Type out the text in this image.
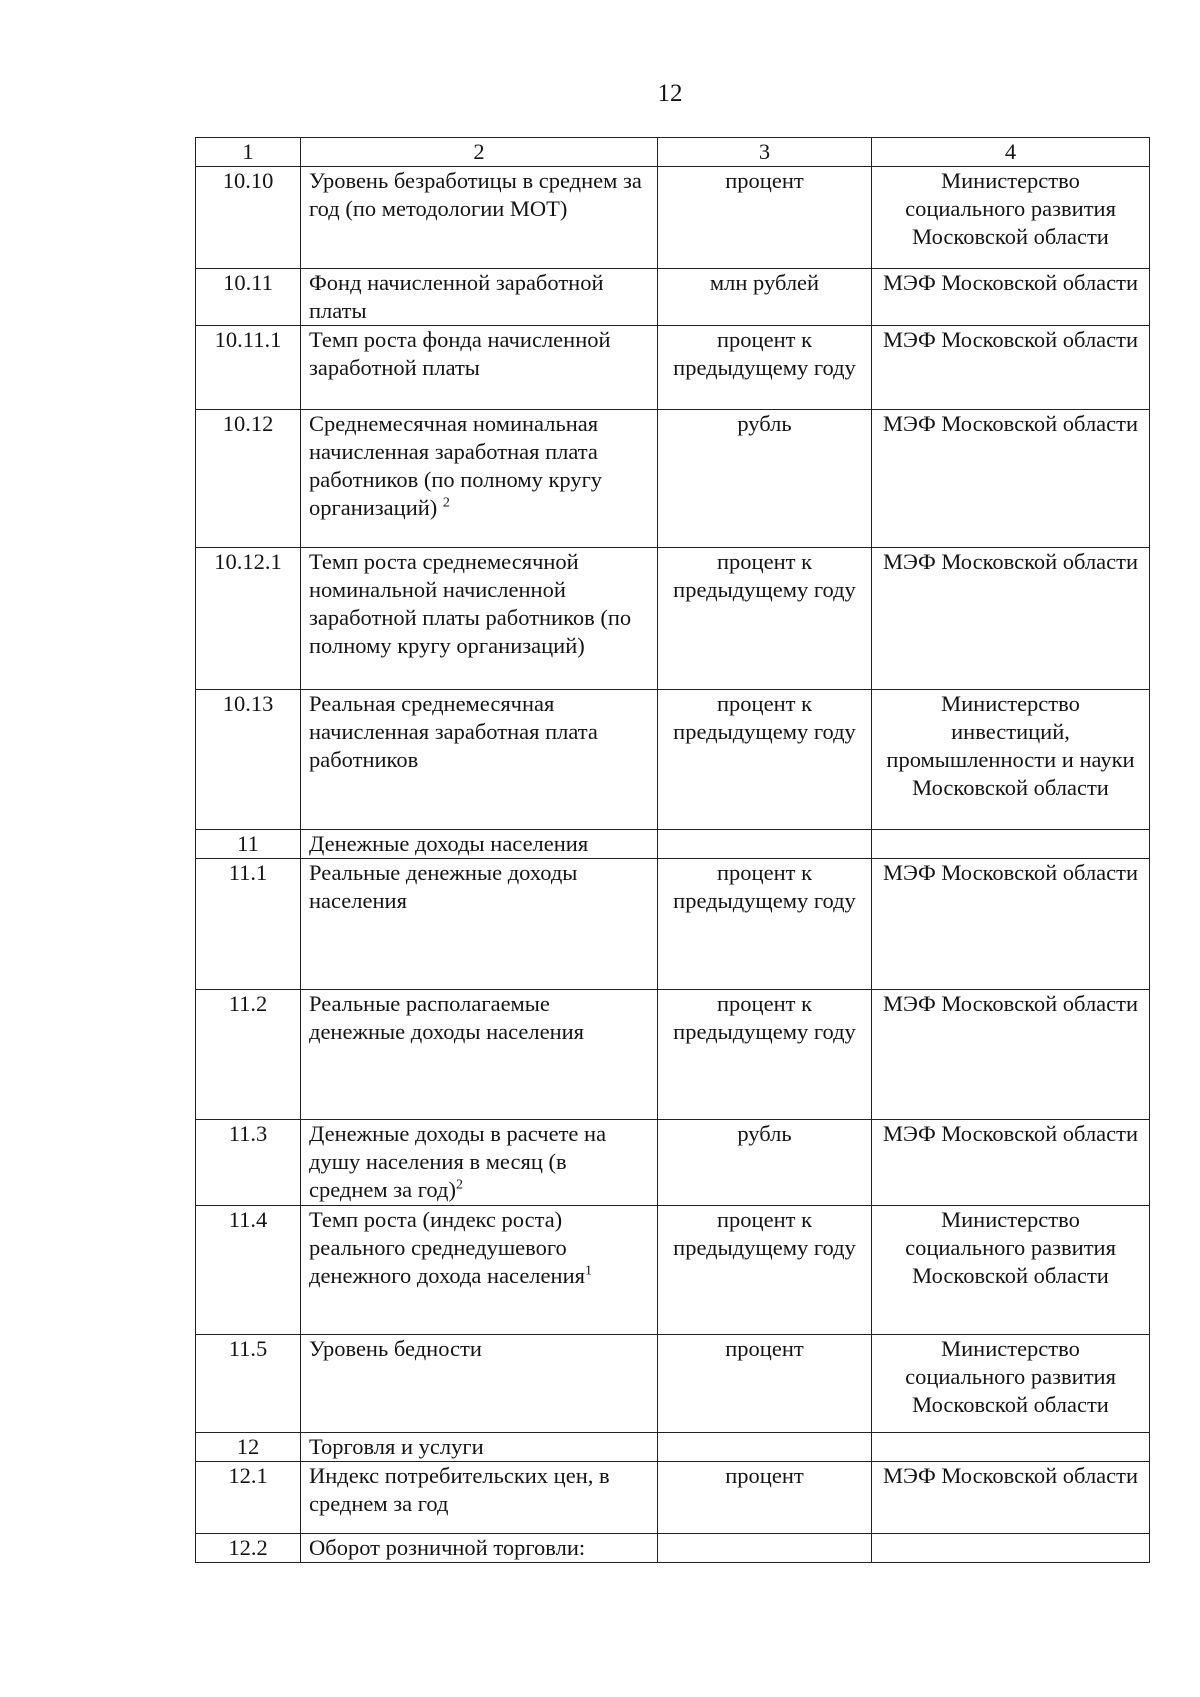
12
1	2	3	4
10.10	Уровень безработицы в среднем за год (по методологии МОТ)	процент	Министерство социального развития Московской области
10.11	Фонд начисленной заработной платы	млн рублей	МЭФ Московской области
10.11.1	Темп роста фонда начисленной заработной платы	процент к предыдущему году	МЭФ Московской области
10.12	Среднемесячная номинальная начисленная заработная плата работников (по полному кругу организаций) $^2$	рубль	МЭФ Московской области
10.12.1	Темп роста среднемесячной номинальной начисленной заработной платы работников (по полному кругу организаций)	процент к предыдущему году	МЭФ Московской области
10.13	Реальная среднемесячная начисленная заработная плата работников	процент к предыдущему году	Министерство инвестиций, промышленности и науки Московской области
11	Денежные доходы населения		
11.1	Реальные денежные доходы населения	процент к предыдущему году	МЭФ Московской области
11.2	Реальные располагаемые денежные доходы населения	процент к предыдущему году	МЭФ Московской области
11.3	Денежные доходы в расчете на душу населения в месяц (в среднем за год)$^2$	рубль	МЭФ Московской области
11.4	Темп роста (индекс роста) реального среднедушевого денежного дохода населения$^1$	процент к предыдущему году	Министерство социального развития Московской области
11.5	Уровень бедности	процент	Министерство социального развития Московской области
12	Торговля и услуги		
12.1	Индекс потребительских цен, в среднем за год	процент	МЭФ Московской области
12.2	Оборот розничной торговли:		
